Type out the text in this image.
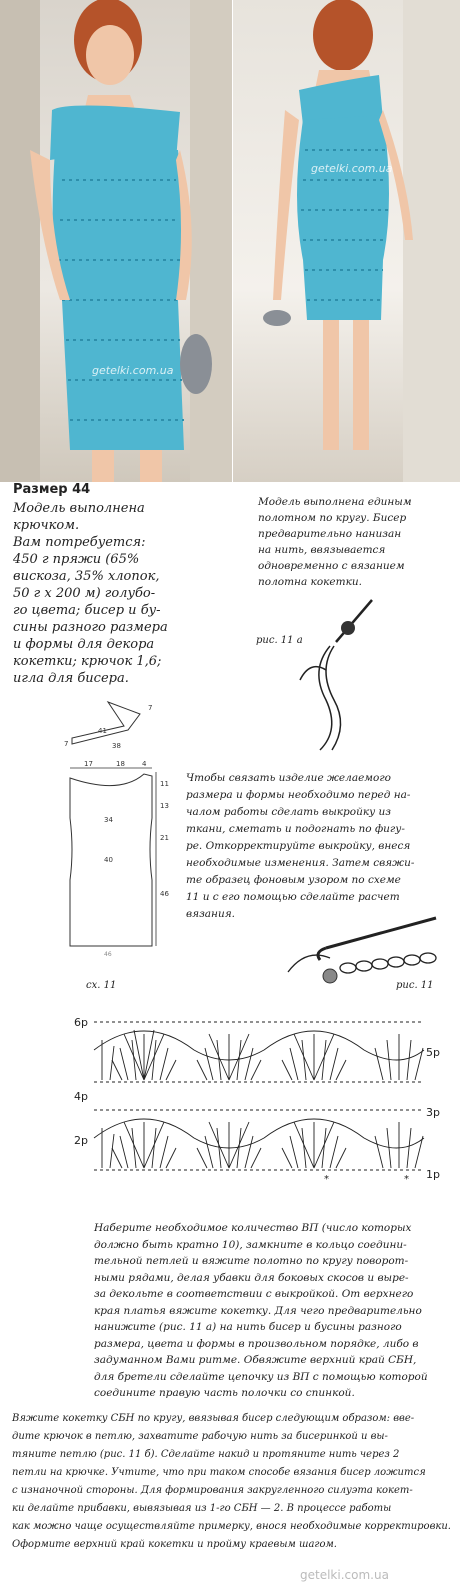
getelki.com.ua
getelki.com.ua
Размер 44
Модель выполнена
крючком.
Вам потребуется:
450 г пряжи (65%
вискоза, 35% хлопок,
50 г х 200 м) голубо-
го цвета; бисер и бу-
сины разного размера
и формы для декора
кокетки; крючок 1,6;
игла для бисера.
Модель выполнена единым
полотном по кругу. Бисер
предварительно нанизан
на нить, ввязывается
одновременно с вязанием
полотна кокетки.
рис. 11 а
7
41
38
7
17	18 4
11
13
34
21
40
46
46
Чтобы связать изделие желаемого
размера и формы необходимо перед на-
чалом работы сделать выкройку из
ткани, сметать и подогнать по фигу-
ре. Откорректируйте выкройку, внеся
необходимые изменения. Затем свяжи-
те образец фоновым узором по схеме
11 и с его помощью сделайте расчет
вязания.
сх. 11	рис. 11
6р
5р
4р
3р
2р
1р
*	*
Наберите необходимое количество ВП (число которых
должно быть кратно 10), замкните в кольцо соедини-
тельной петлей и вяжите полотно по кругу поворот-
ными рядами, делая убавки для боковых скосов и выре-
за декольте в соответствии с выкройкой. От верхнего
края платья вяжите кокетку. Для чего предварительно
нанижите (рис. 11 а) на нить бисер и бусины разного
размера, цвета и формы в произвольном порядке, либо в
задуманном Вами ритме. Обвяжите верхний край СБН,
для бретели сделайте цепочку из ВП с помощью которой
соедините правую часть полочки со спинкой.
Вяжите кокетку СБН по кругу, ввязывая бисер следующим образом: вве-
дите крючок в петлю, захватите рабочую нить за бисеринкой и вы-
тяните петлю (рис. 11 б). Сделайте накид и протяните нить через 2
петли на крючке. Учтите, что при таком способе вязания бисер ложится
с изнаночной стороны. Для формирования закругленного силуэта кокет-
ки делайте прибавки, вывязывая из 1-го СБН — 2. В процессе работы
как можно чаще осуществляйте примерку, внося необходимые корректировки.
Оформите верхний край кокетки и пройму краевым шагом.
getelki.com.ua
